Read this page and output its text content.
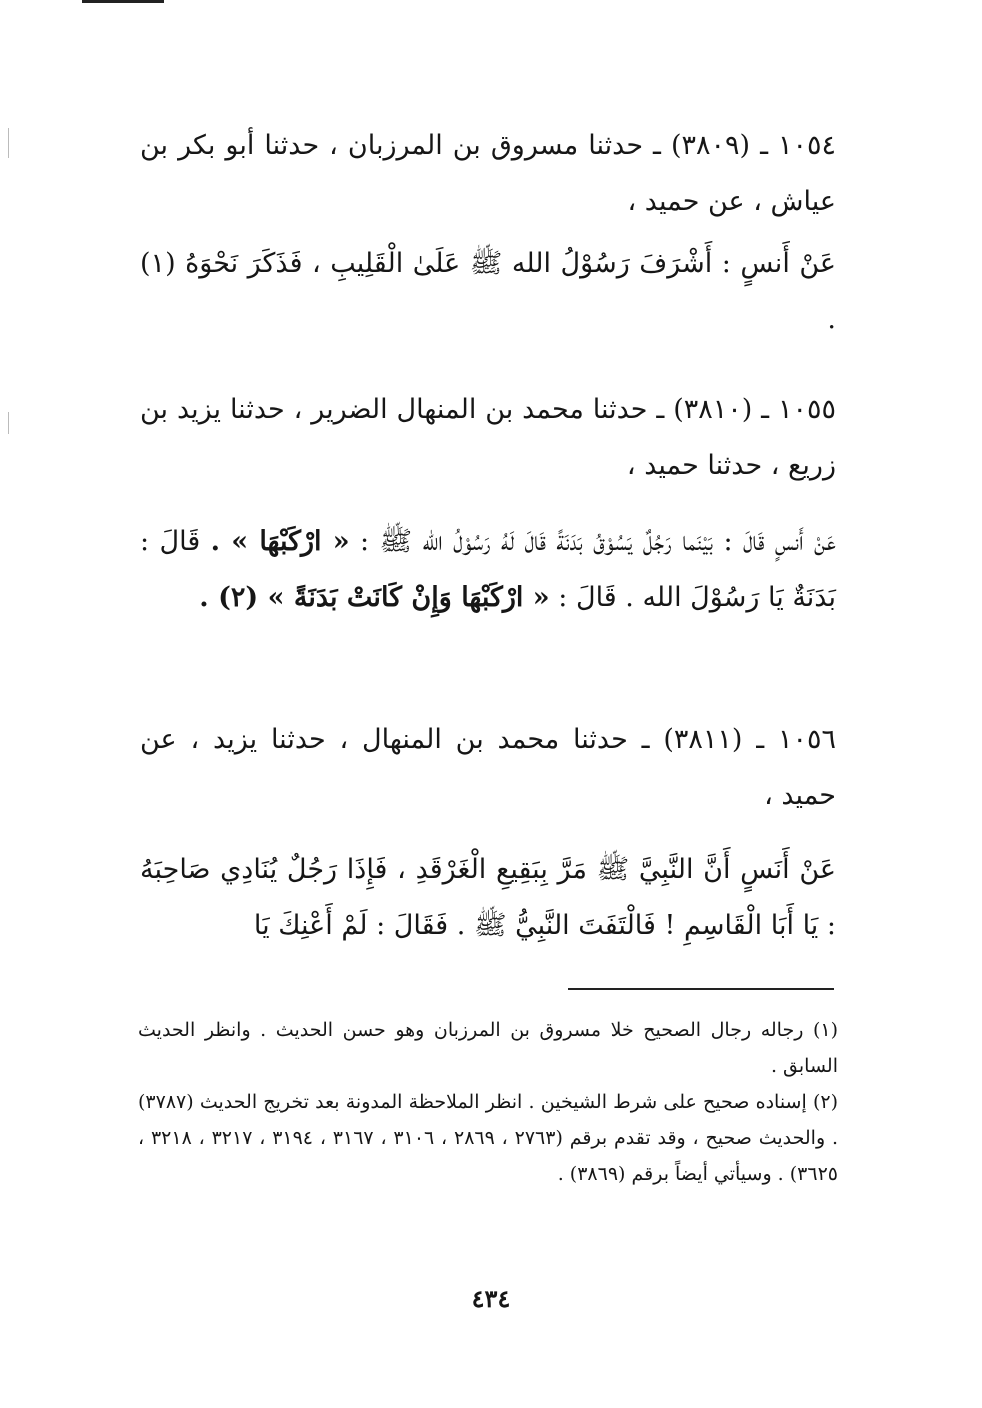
١٠٥٤ ـ (٣٨٠٩) ـ حدثنا مسروق بن المرزبان ، حدثنا أبو بكر بن عياش ، عن حميد ،
عَنْ أَنسٍ : أَشْرَفَ رَسُوْلُ الله ﷺ عَلَىٰ الْقَلِيبِ ، فَذَكَرَ نَحْوَهُ (١) .
١٠٥٥ ـ (٣٨١٠) ـ حدثنا محمد بن المنهال الضرير ، حدثنا يزيد بن زريع ، حدثنا حميد ،
عَنْ أَنسٍ قَالَ : بَيْنَما رَجُلٌ يَسُوْقُ بَدَنَةً قَالَ لَهُ رَسُوْلُ الله ﷺ : « ارْكَبْهَا » . قَالَ : بَدَنَةٌ يَا رَسُوْلَ الله . قَالَ : « ارْكَبْهَا وَإِنْ كَانَتْ بَدَنَةً » (٢) .
١٠٥٦ ـ (٣٨١١) ـ حدثنا محمد بن المنهال ، حدثنا يزيد ، عن حميد ،
عَنْ أَنَسٍ أَنَّ النَّبِيَّ ﷺ مَرَّ بِبَقِيعِ الْغَرْقَدِ ، فَإِذَا رَجُلٌ يُنَادِي صَاحِبَهُ : يَا أَبَا الْقَاسِمِ ! فَالْتَفَتَ النَّبِيُّ ﷺ . فَقَالَ : لَمْ أَعْنِكَ يَا

(١) رجاله رجال الصحيح خلا مسروق بن المرزبان وهو حسن الحديث . وانظر الحديث السابق .

(٢) إسناده صحيح على شرط الشيخين . انظر الملاحظة المدونة بعد تخريج الحديث (٣٧٨٧) . والحديث صحيح ، وقد تقدم برقم (٢٧٦٣ ، ٢٨٦٩ ، ٣١٠٦ ، ٣١٦٧ ، ٣١٩٤ ، ٣٢١٧ ، ٣٢١٨ ، ٣٦٢٥) . وسيأتي أيضاً برقم (٣٨٦٩) .

٤٣٤
